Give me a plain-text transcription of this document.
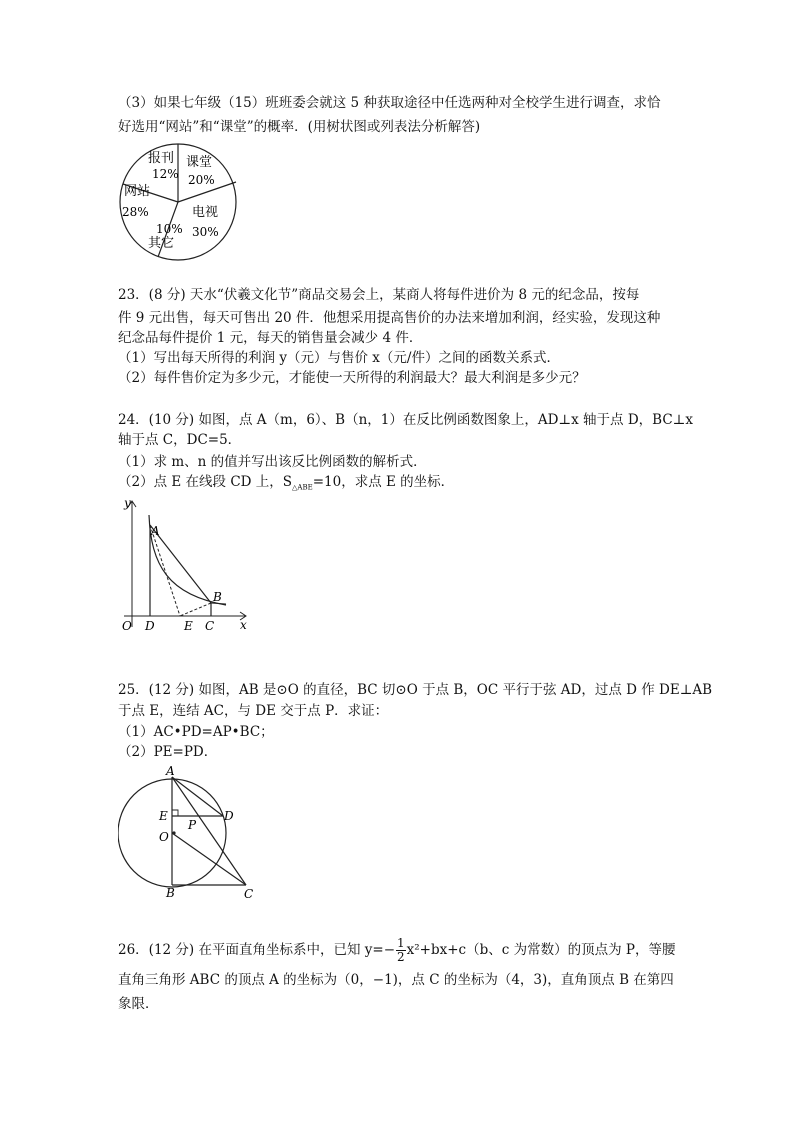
（3）如果七年级（15）班班委会就这 5 种获取途径中任选两种对全校学生进行调查，求恰
好选用“网站”和“课堂”的概率．(用树状图或列表法分析解答)
报刊
12%
课堂
20%
电视
30%
10%
其它
网站
28%
23．(8 分) 天水“伏羲文化节”商品交易会上，某商人将每件进价为 8 元的纪念品，按每
件 9 元出售，每天可售出 20 件．他想采用提高售价的办法来增加利润，经实验，发现这种
纪念品每件提价 1 元，每天的销售量会减少 4 件．
（1）写出每天所得的利润 y（元）与售价 x（元/件）之间的函数关系式．
（2）每件售价定为多少元，才能使一天所得的利润最大？最大利润是多少元？
24．(10 分) 如图，点 A（m，6）、B（n，1）在反比例函数图象上，AD⊥x 轴于点 D，BC⊥x
轴于点 C，DC=5．
（1）求 m、n 的值并写出该反比例函数的解析式．
（2）点 E 在线段 CD 上，$S_{\triangle ABE}=10$，求点 E 的坐标．
y
A
B
O D E C x
25．(12 分) 如图，AB 是⊙O 的直径，BC 切⊙O 于点 B，OC 平行于弦 AD，过点 D 作 DE⊥AB
于点 E，连结 AC，与 DE 交于点 P．求证：
（1）AC•PD=AP•BC；
（2）PE=PD．
A
E	D
P
O
B	C
26．(12 分) 在平面直角坐标系中，已知 $y=- \frac{1}{2} x^2+bx+c(b$、c 为常数）的顶点为 P，等腰
直角三角形 ABC 的顶点 A 的坐标为（0，−1)，点 C 的坐标为（4，3)，直角顶点 B 在第四
象限．
